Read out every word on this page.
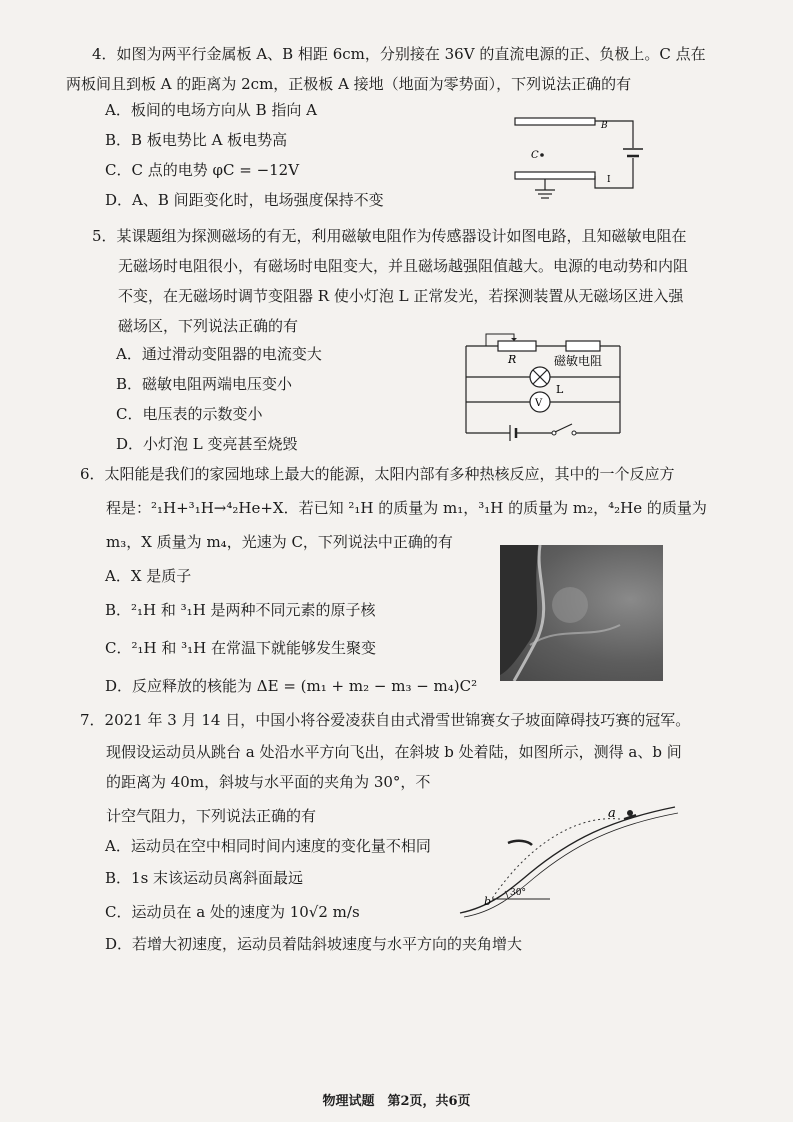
4．如图为两平行金属板 A、B 相距 6cm，分别接在 36V 的直流电源的正、负极上。C 点在
两板间且到板 A 的距离为 2cm，正极板 A 接地（地面为零势面），下列说法正确的有
A．板间的电场方向从 B 指向 A
B．B 板电势比 A 板电势高
C．C 点的电势 φC = −12V
D．A、B 间距变化时，电场强度保持不变
B
C
I
5．某课题组为探测磁场的有无，利用磁敏电阻作为传感器设计如图电路，且知磁敏电阻在
无磁场时电阻很小，有磁场时电阻变大，并且磁场越强阻值越大。电源的电动势和内阻
不变，在无磁场时调节变阻器 R 使小灯泡 L 正常发光，若探测装置从无磁场区进入强
磁场区，下列说法正确的有
A．通过滑动变阻器的电流变大
B．磁敏电阻两端电压变小
C．电压表的示数变小
D．小灯泡 L 变亮甚至烧毁
R	磁敏电阻
L
V
6．太阳能是我们的家园地球上最大的能源，太阳内部有多种热核反应，其中的一个反应方
程是：²₁H+³₁H→⁴₂He+X．若已知 ²₁H 的质量为 m₁，³₁H 的质量为 m₂，⁴₂He 的质量为
m₃，X 质量为 m₄，光速为 C，下列说法中正确的有
A．X 是质子
B．²₁H 和 ³₁H 是两种不同元素的原子核
C．²₁H 和 ³₁H 在常温下就能够发生聚变
D．反应释放的核能为 ΔE = (m₁ + m₂ − m₃ − m₄)C²
7．2021 年 3 月 14 日，中国小将谷爱凌获自由式滑雪世锦赛女子坡面障碍技巧赛的冠军。
现假设运动员从跳台 a 处沿水平方向飞出，在斜坡 b 处着陆，如图所示，测得 a、b 间
的距离为 40m，斜坡与水平面的夹角为 30°，不
计空气阻力，下列说法正确的有
A．运动员在空中相同时间内速度的变化量不相同
B．1s 末该运动员离斜面最远
C．运动员在 a 处的速度为 10√2 m/s
D．若增大初速度，运动员着陆斜坡速度与水平方向的夹角增大
a
b
30°
物理试题　第2页，共6页
